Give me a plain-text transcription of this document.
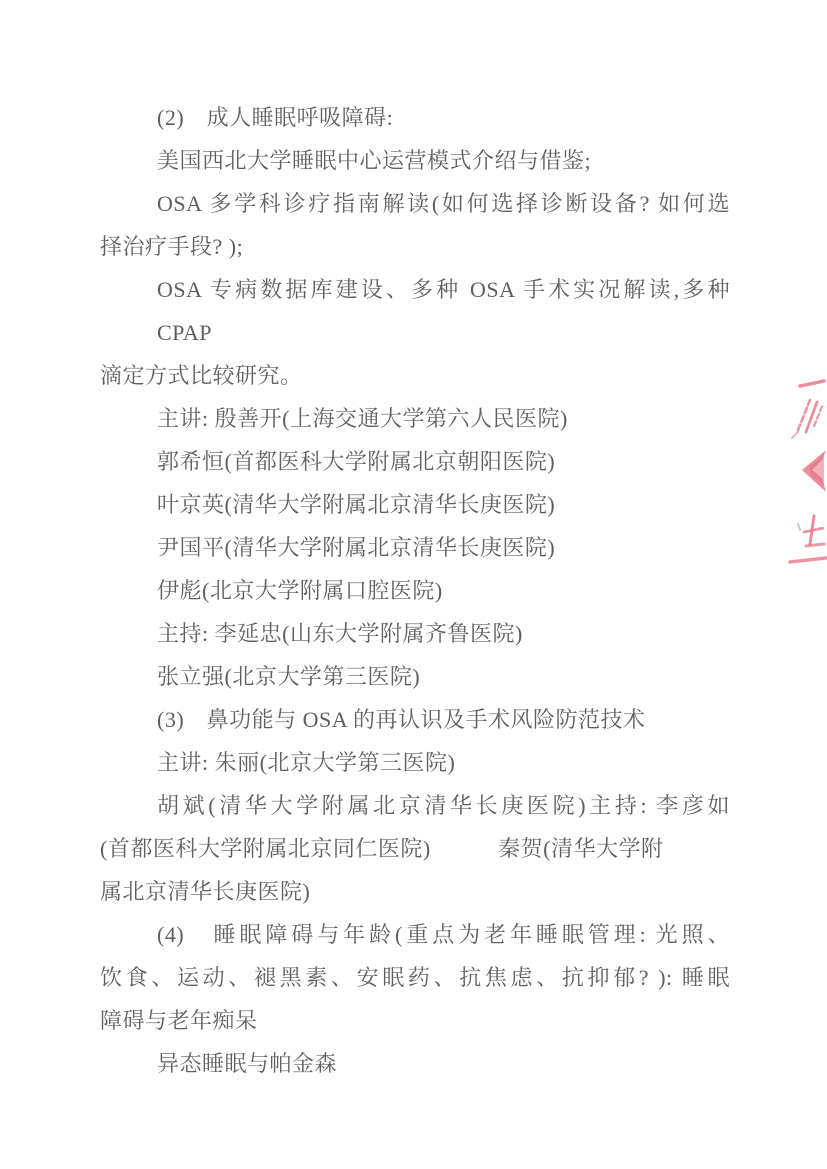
(2)　成人睡眠呼吸障碍:
美国西北大学睡眠中心运营模式介绍与借鉴;
OSA 多学科诊疗指南解读(如何选择诊断设备? 如何选
择治疗手段? );
OSA 专病数据库建设、多种 OSA 手术实况解读,多种 CPAP
滴定方式比较研究。
主讲: 殷善开(上海交通大学第六人民医院)
郭希恒(首都医科大学附属北京朝阳医院)
叶京英(清华大学附属北京清华长庚医院)
尹国平(清华大学附属北京清华长庚医院)
伊彪(北京大学附属口腔医院)
主持: 李延忠(山东大学附属齐鲁医院)
张立强(北京大学第三医院)
(3)　鼻功能与 OSA 的再认识及手术风险防范技术
主讲: 朱丽(北京大学第三医院)
胡斌(清华大学附属北京清华长庚医院)主持: 李彦如
(首都医科大学附属北京同仁医院)　　　秦贺(清华大学附
属北京清华长庚医院)
(4)　睡眠障碍与年龄(重点为老年睡眠管理: 光照、
饮食、运动、褪黑素、安眠药、抗焦虑、抗抑郁? ): 睡眠
障碍与老年痴呆
异态睡眠与帕金森
